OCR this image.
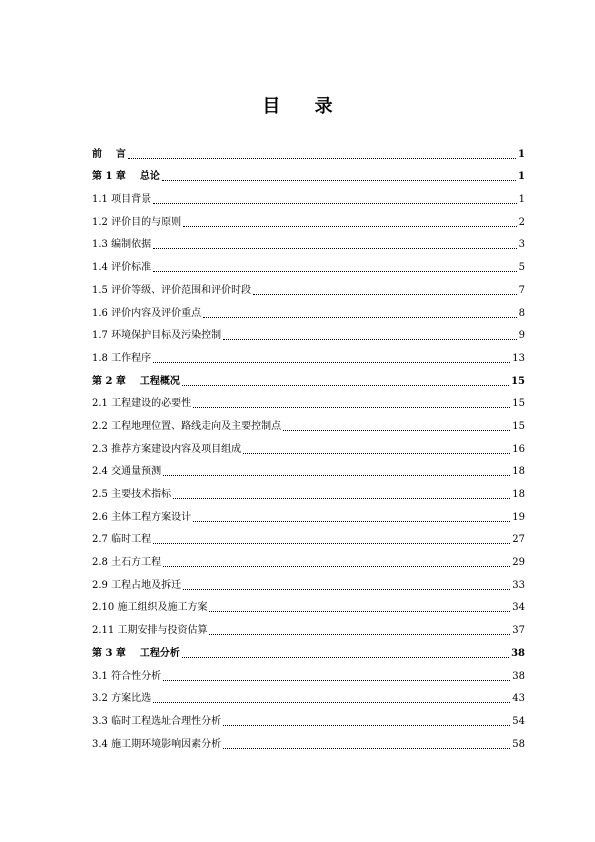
目 录
前    言	1
第 1 章    总论	1
1.1 项目背景	1
1.2 评价目的与原则	2
1.3 编制依据	3
1.4 评价标准	5
1.5 评价等级、评价范围和评价时段	7
1.6 评价内容及评价重点	8
1.7 环境保护目标及污染控制	9
1.8 工作程序	13
第 2 章    工程概况	15
2.1 工程建设的必要性	15
2.2 工程地理位置、路线走向及主要控制点	15
2.3 推荐方案建设内容及项目组成	16
2.4 交通量预测	18
2.5 主要技术指标	18
2.6 主体工程方案设计	19
2.7 临时工程	27
2.8 土石方工程	29
2.9 工程占地及拆迁	33
2.10 施工组织及施工方案	34
2.11 工期安排与投资估算	37
第 3 章    工程分析	38
3.1 符合性分析	38
3.2 方案比选	43
3.3 临时工程选址合理性分析	54
3.4 施工期环境影响因素分析	58
